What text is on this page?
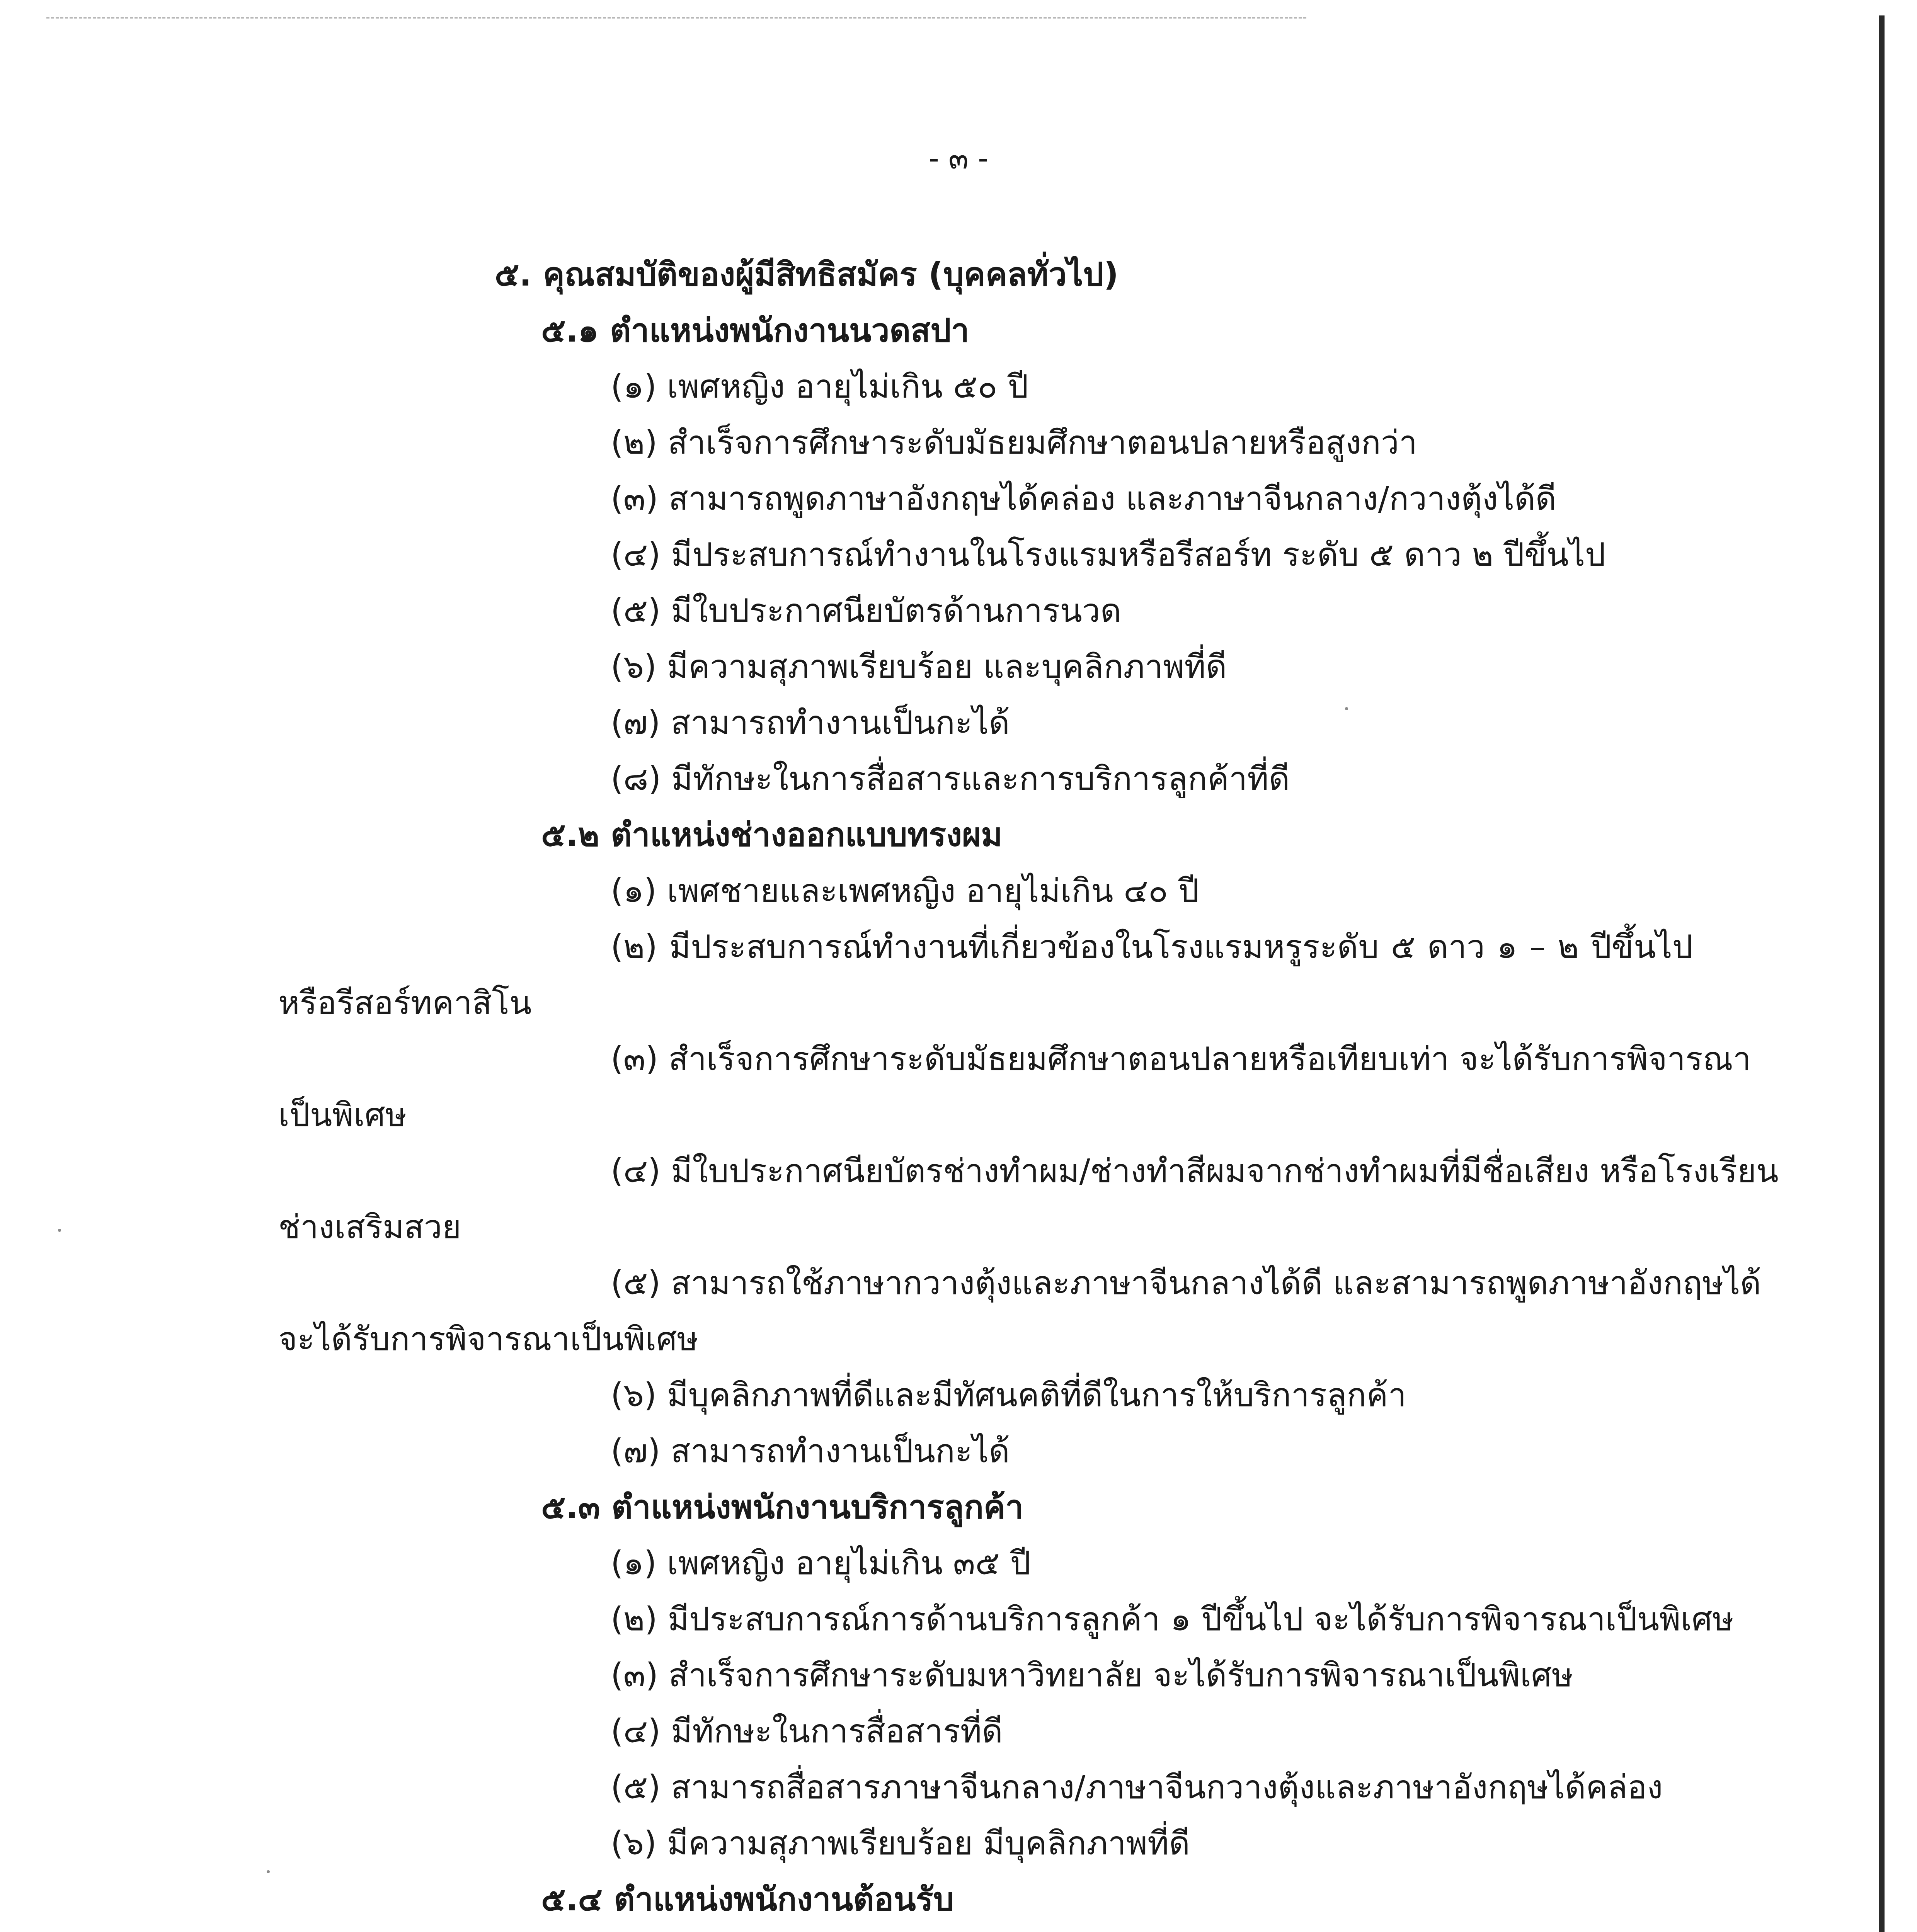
- ๓ -
๕. คุณสมบัติของผู้มีสิทธิสมัคร (บุคคลทั่วไป)
๕.๑ ตำแหน่งพนักงานนวดสปา
(๑) เพศหญิง อายุไม่เกิน ๕๐ ปี
(๒) สำเร็จการศึกษาระดับมัธยมศึกษาตอนปลายหรือสูงกว่า
(๓) สามารถพูดภาษาอังกฤษได้คล่อง และภาษาจีนกลาง/กวางตุ้งได้ดี
(๔) มีประสบการณ์ทำงานในโรงแรมหรือรีสอร์ท ระดับ ๕ ดาว ๒ ปีขึ้นไป
(๕) มีใบประกาศนียบัตรด้านการนวด
(๖) มีความสุภาพเรียบร้อย และบุคลิกภาพที่ดี
(๗) สามารถทำงานเป็นกะได้
(๘) มีทักษะในการสื่อสารและการบริการลูกค้าที่ดี
๕.๒ ตำแหน่งช่างออกแบบทรงผม
(๑) เพศชายและเพศหญิง อายุไม่เกิน ๔๐ ปี
(๒) มีประสบการณ์ทำงานที่เกี่ยวข้องในโรงแรมหรูระดับ ๕ ดาว ๑ – ๒ ปีขึ้นไป
หรือรีสอร์ทคาสิโน
(๓) สำเร็จการศึกษาระดับมัธยมศึกษาตอนปลายหรือเทียบเท่า จะได้รับการพิจารณา
เป็นพิเศษ
(๔) มีใบประกาศนียบัตรช่างทำผม/ช่างทำสีผมจากช่างทำผมที่มีชื่อเสียง หรือโรงเรียน
ช่างเสริมสวย
(๕) สามารถใช้ภาษากวางตุ้งและภาษาจีนกลางได้ดี และสามารถพูดภาษาอังกฤษได้
จะได้รับการพิจารณาเป็นพิเศษ
(๖) มีบุคลิกภาพที่ดีและมีทัศนคติที่ดีในการให้บริการลูกค้า
(๗) สามารถทำงานเป็นกะได้
๕.๓ ตำแหน่งพนักงานบริการลูกค้า
(๑) เพศหญิง อายุไม่เกิน ๓๕ ปี
(๒) มีประสบการณ์การด้านบริการลูกค้า ๑ ปีขึ้นไป จะได้รับการพิจารณาเป็นพิเศษ
(๓) สำเร็จการศึกษาระดับมหาวิทยาลัย จะได้รับการพิจารณาเป็นพิเศษ
(๔) มีทักษะในการสื่อสารที่ดี
(๕) สามารถสื่อสารภาษาจีนกลาง/ภาษาจีนกวางตุ้งและภาษาอังกฤษได้คล่อง
(๖) มีความสุภาพเรียบร้อย มีบุคลิกภาพที่ดี
๕.๔ ตำแหน่งพนักงานต้อนรับ
